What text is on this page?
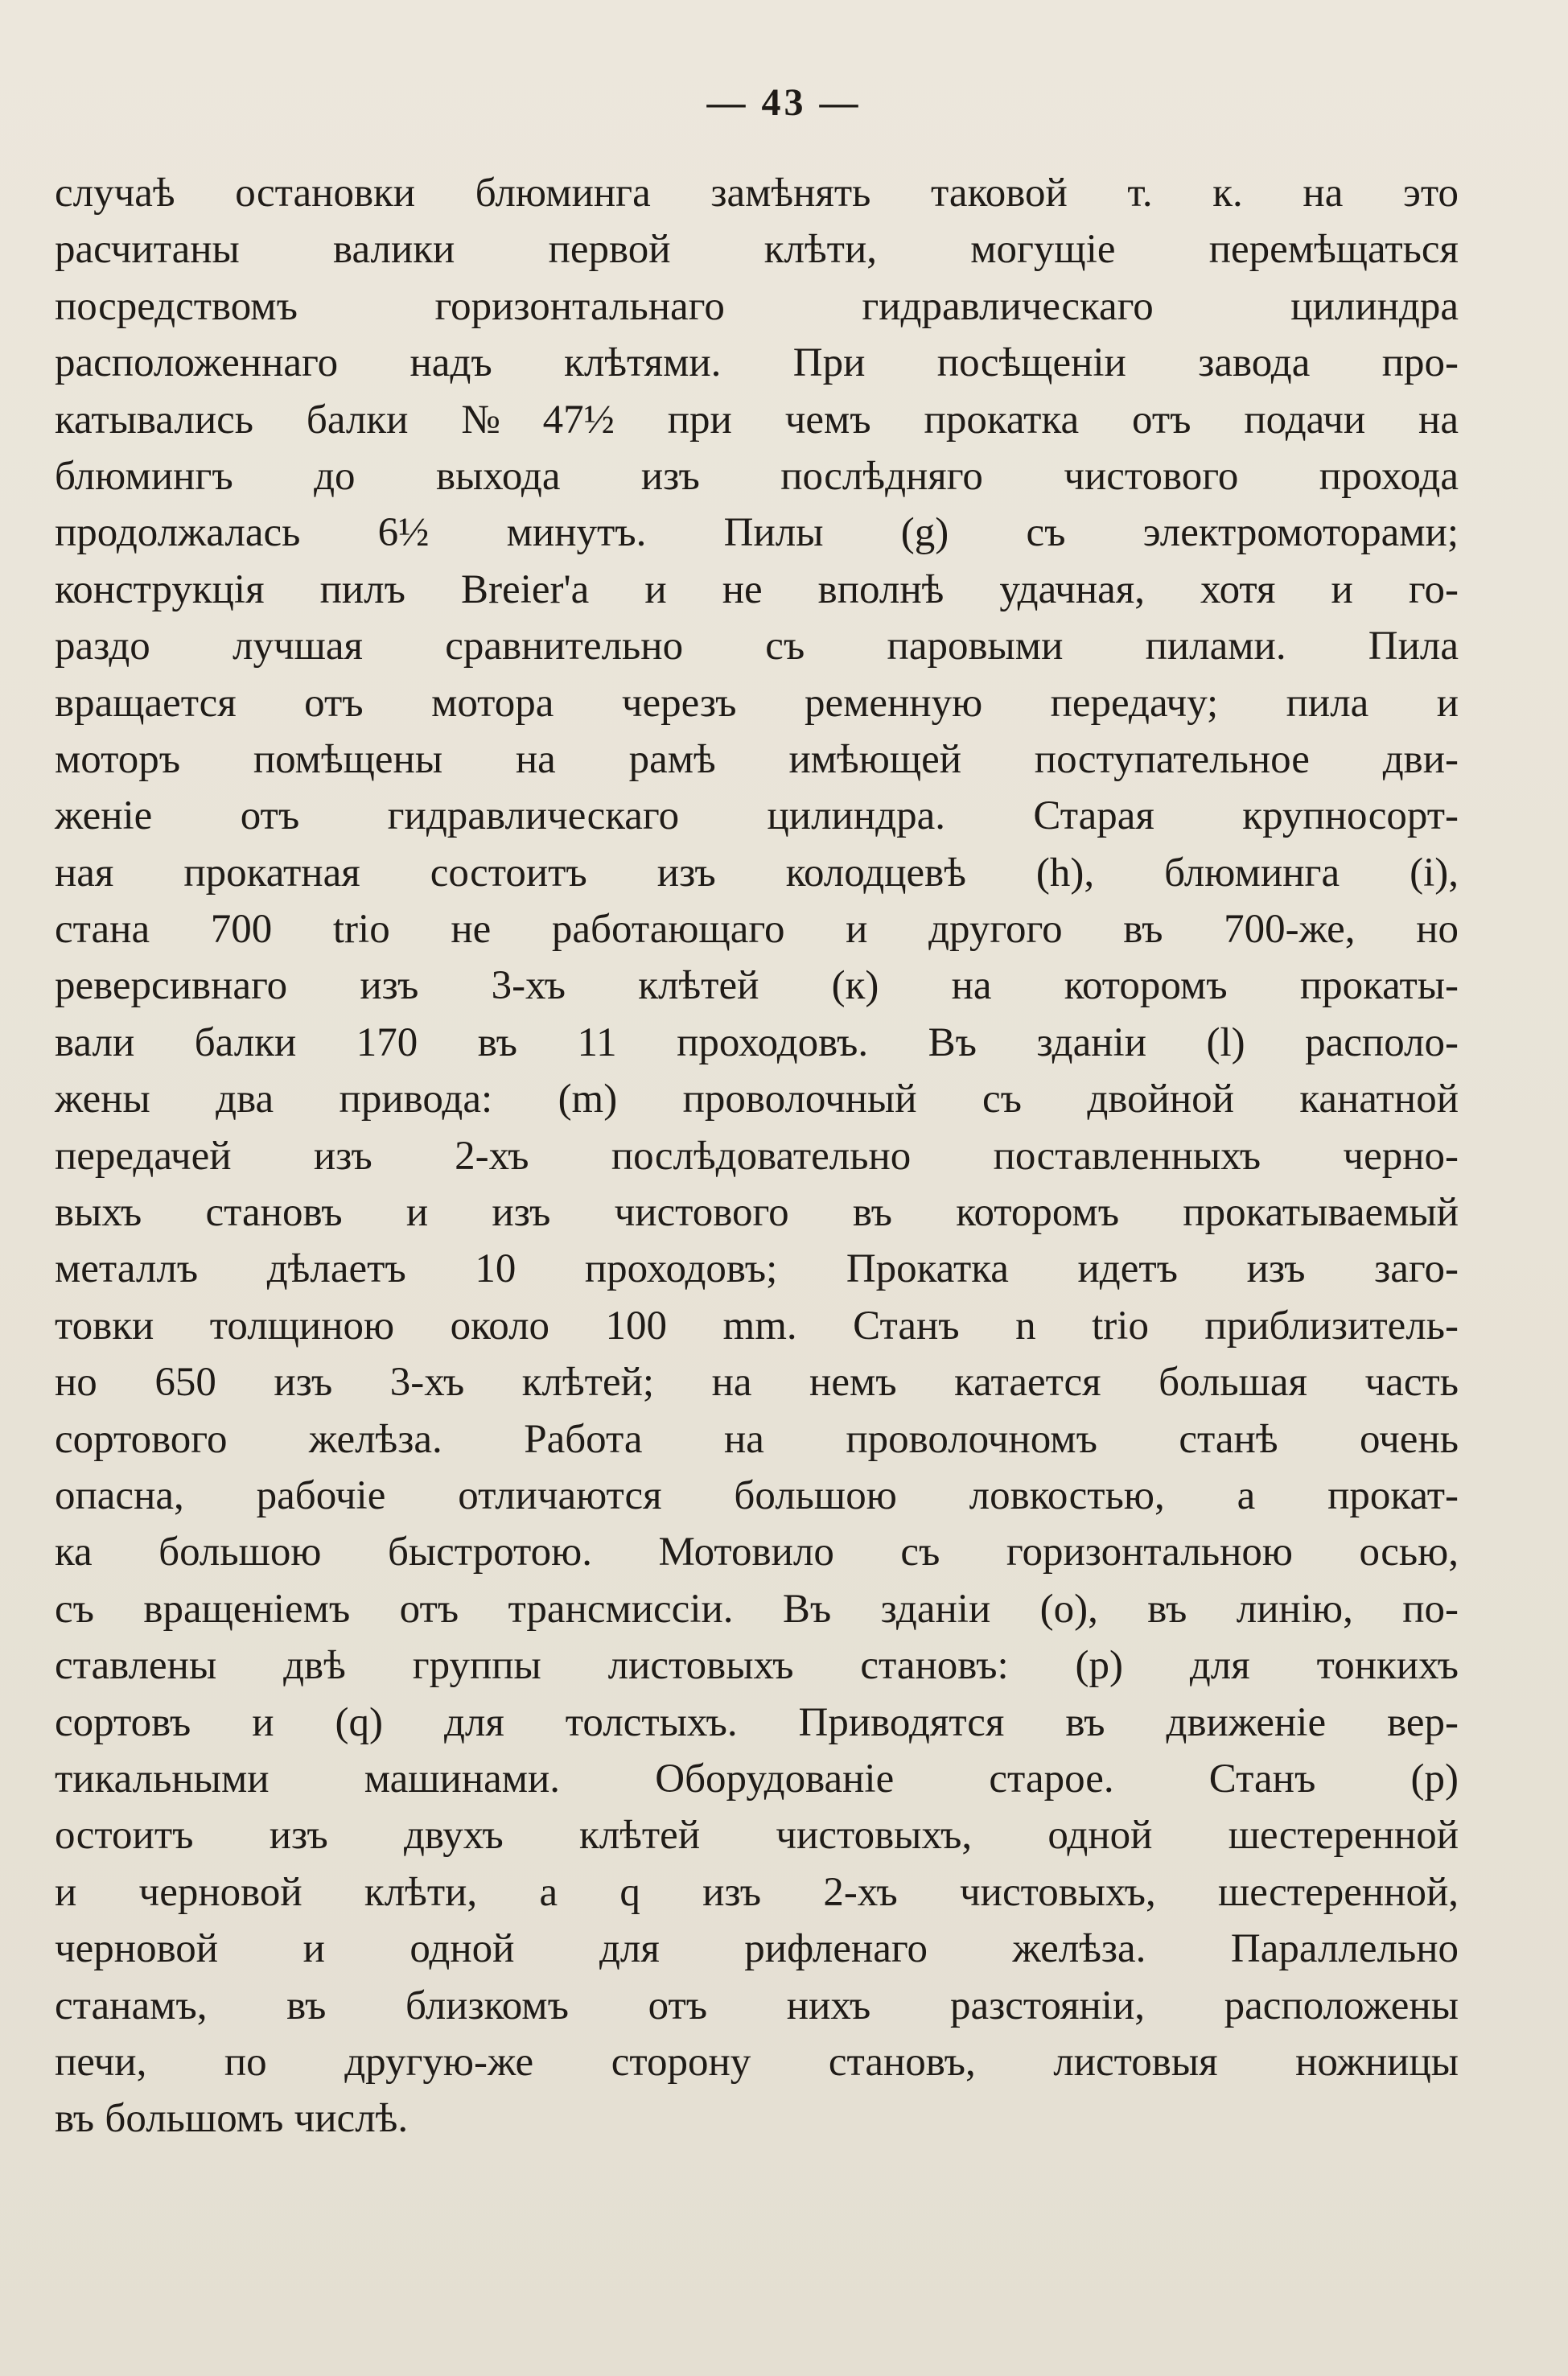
— 43 —
случаѣ остановки блюминга замѣнять таковой т. к. на это
расчитаны валики первой клѣти, могущіе перемѣщаться
посредствомъ горизонтальнаго гидравлическаго цилиндра
расположеннаго надъ клѣтями. При посѣщеніи завода про-
катывались балки №47½ при чемъ прокатка отъ подачи на
блюмингъ до выхода изъ послѣдняго чистового прохода
продолжалась 6½ минутъ. Пилы (g) съ электромоторами;
конструкція пилъ Breier'а и не вполнѣ удачная, хотя и го-
раздо лучшая сравнительно съ паровыми пилами. Пила
вращается отъ мотора черезъ ременную передачу; пила и
моторъ помѣщены на рамѣ имѣющей поступательное дви-
женіе отъ гидравлическаго цилиндра. Старая крупносорт-
ная прокатная состоитъ изъ колодцевѣ (h), блюминга (i),
стана 700 trio не работающаго и другого въ 700-же, но
реверсивнаго изъ 3-хъ клѣтей (к) на которомъ прокаты-
вали балки 170 въ 11 проходовъ. Въ зданіи (l) располо-
жены два привода: (m) проволочный съ двойной канатной
передачей изъ 2-хъ послѣдовательно поставленныхъ черно-
выхъ становъ и изъ чистового въ которомъ прокатываемый
металлъ дѣлаетъ 10 проходовъ; Прокатка идетъ изъ заго-
товки толщиною около 100 mm. Станъ n trio приблизитель-
но 650 изъ 3-хъ клѣтей; на немъ катается большая часть
сортового желѣза. Работа на проволочномъ станѣ очень
опасна, рабочіе отличаются большою ловкостью, а прокат-
ка большою быстротою. Мотовило съ горизонтальною осью,
съ вращеніемъ отъ трансмиссіи. Въ зданіи (о), въ линію, по-
ставлены двѣ группы листовыхъ становъ: (р) для тонкихъ
сортовъ и (q) для толстыхъ. Приводятся въ движеніе вер-
тикальными машинами. Оборудованіе старое. Станъ (р)
остоитъ изъ двухъ клѣтей чистовыхъ, одной шестеренной
и черновой клѣти, а q изъ 2-хъ чистовыхъ, шестеренной,
черновой и одной для рифленаго желѣза. Параллельно
станамъ, въ близкомъ отъ нихъ разстояніи, расположены
печи, по другую-же сторону становъ, листовыя ножницы
въ большомъ числѣ.
